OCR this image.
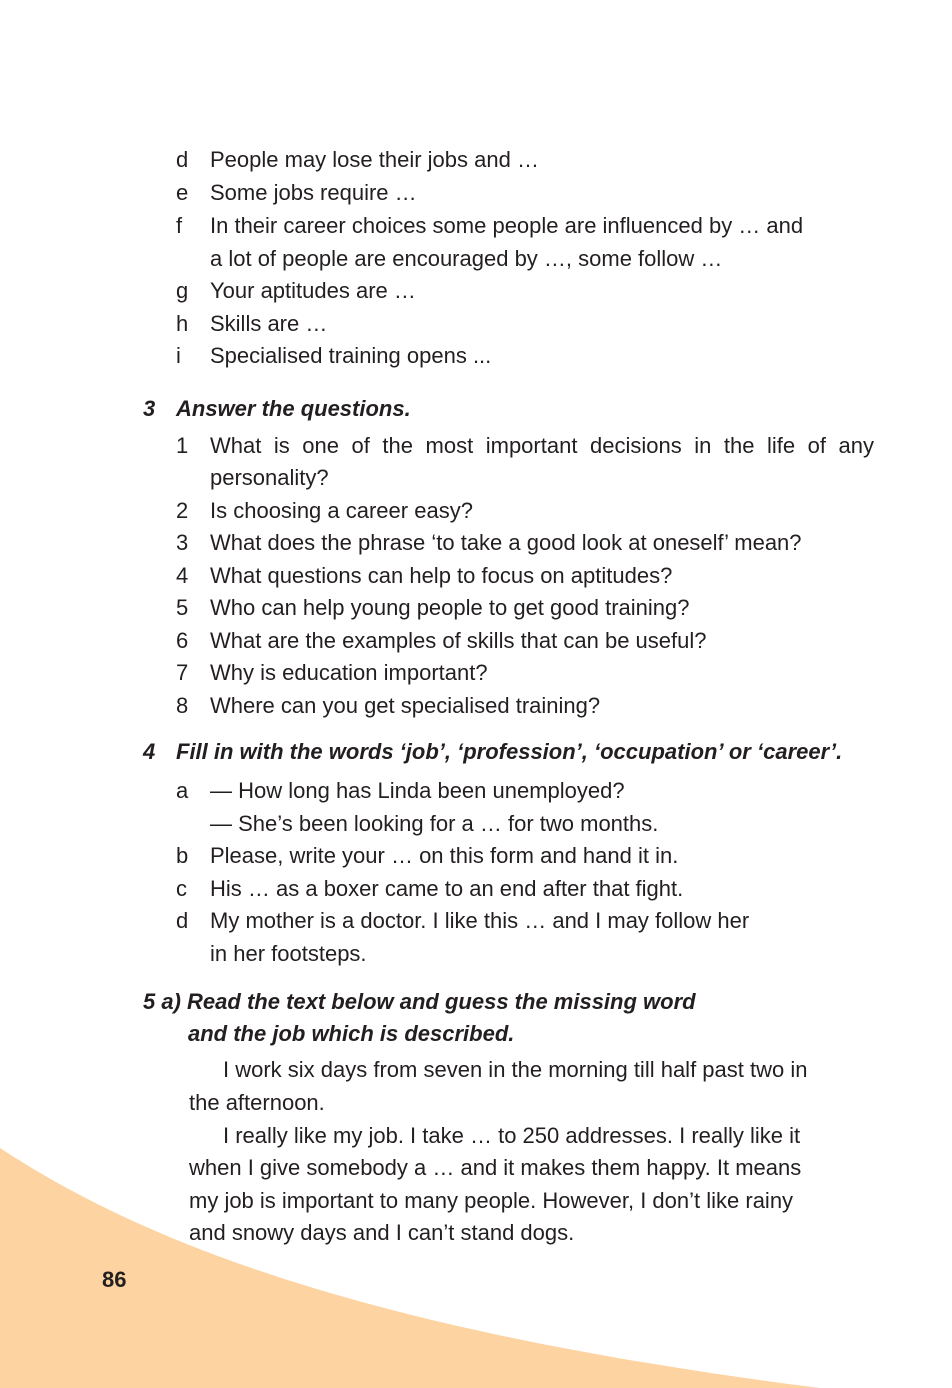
d People may lose their jobs and …
e Some jobs require …
f	In their career choices some people are influenced by … and
a lot of people are encouraged by …, some follow …
g Your aptitudes are …
h Skills are …
i	Specialised training opens ...
3 Answer the questions.
1 What is one of the most important decisions in the life of any
personality?
2 Is choosing a career easy?
3 What does the phrase ‘to take a good look at oneself’ mean?
4 What questions can help to focus on aptitudes?
5 Who can help young people to get good training?
6 What are the examples of skills that can be useful?
7 Why is education important?
8 Where can you get specialised training?
4 Fill in with the words ‘job’, ‘profession’, ‘occupation’ or ‘career’.
a — How long has Linda been unemployed?
— She’s been looking for a … for two months.
b Please, write your … on this form and hand it in.
c	His … as a boxer came to an end after that fight.
d My mother is a doctor. I like this … and I may follow her
in her footsteps.
5 a) Read the text below and guess the missing word
and the job which is described.
I work six days from seven in the morning till half past two in
the afternoon.
I really like my job. I take … to 250 addresses. I really like it
when I give somebody a … and it makes them happy. It means
my job is important to many people. However, I don’t like rainy
and snowy days and I can’t stand dogs.
86
